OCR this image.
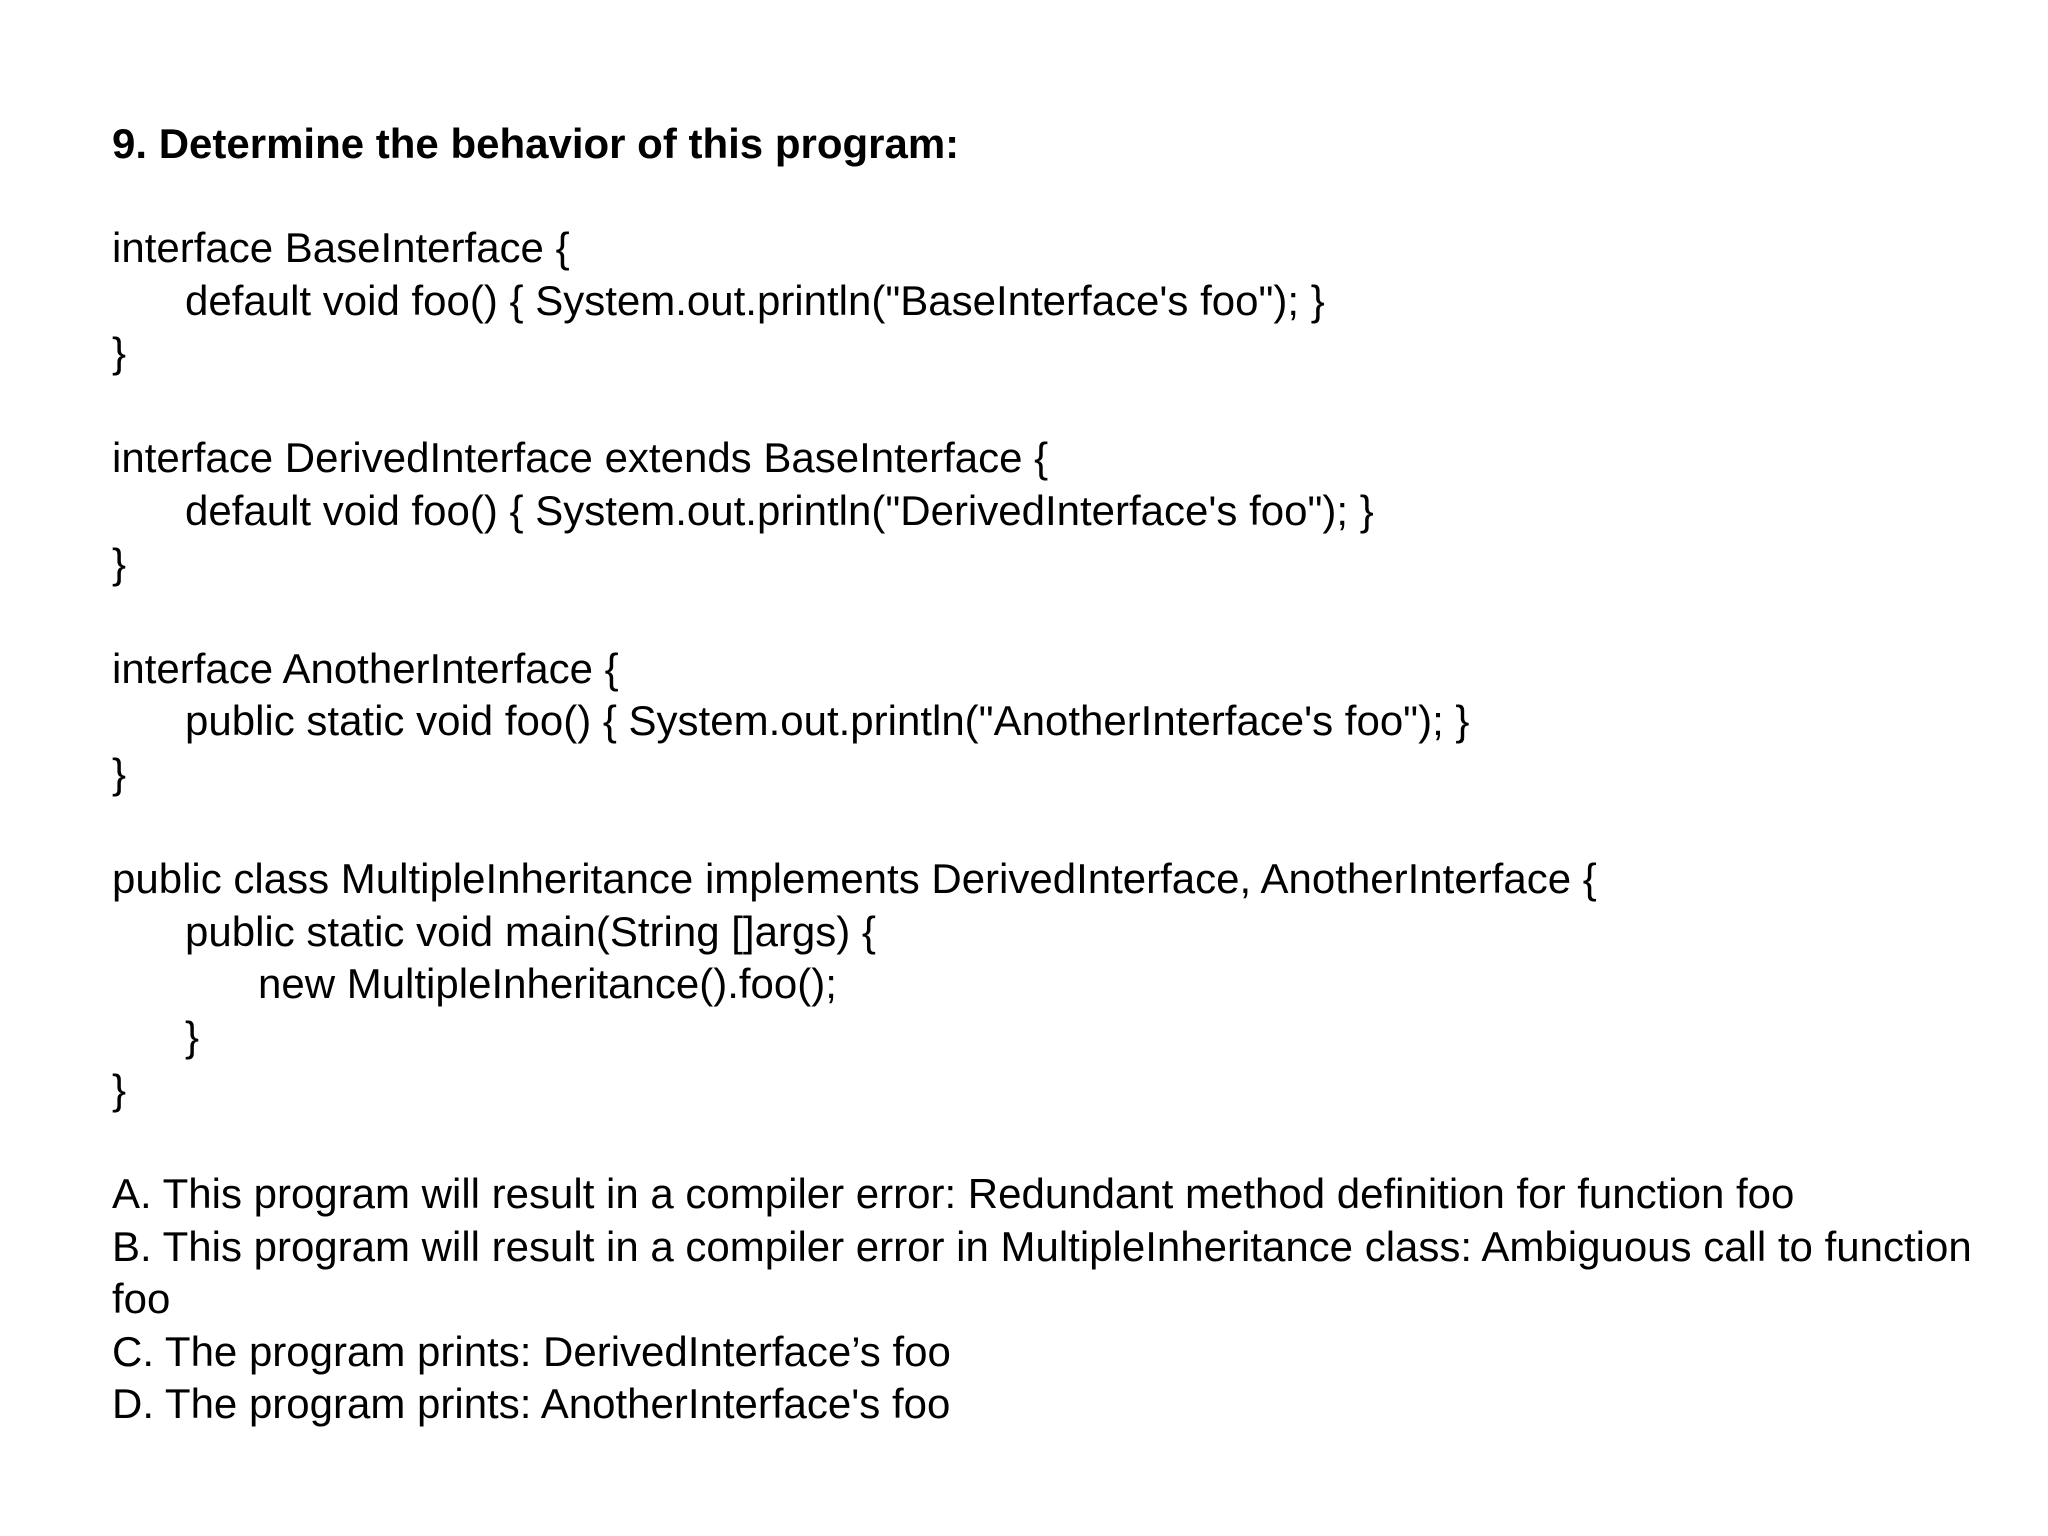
9. Determine the behavior of this program:
interface BaseInterface {
default void foo() { System.out.println("BaseInterface's foo"); }
}
interface DerivedInterface extends BaseInterface {
default void foo() { System.out.println("DerivedInterface's foo"); }
}
interface AnotherInterface {
public static void foo() { System.out.println("AnotherInterface's foo"); }
}
public class MultipleInheritance implements DerivedInterface, AnotherInterface {
public static void main(String []args) {
new MultipleInheritance().foo();
}
}

A. This program will result in a compiler error: Redundant method definition for function foo

B. This program will result in a compiler error in MultipleInheritance class: Ambiguous call to function foo

C. The program prints: DerivedInterface’s foo

D. The program prints: AnotherInterface's foo
